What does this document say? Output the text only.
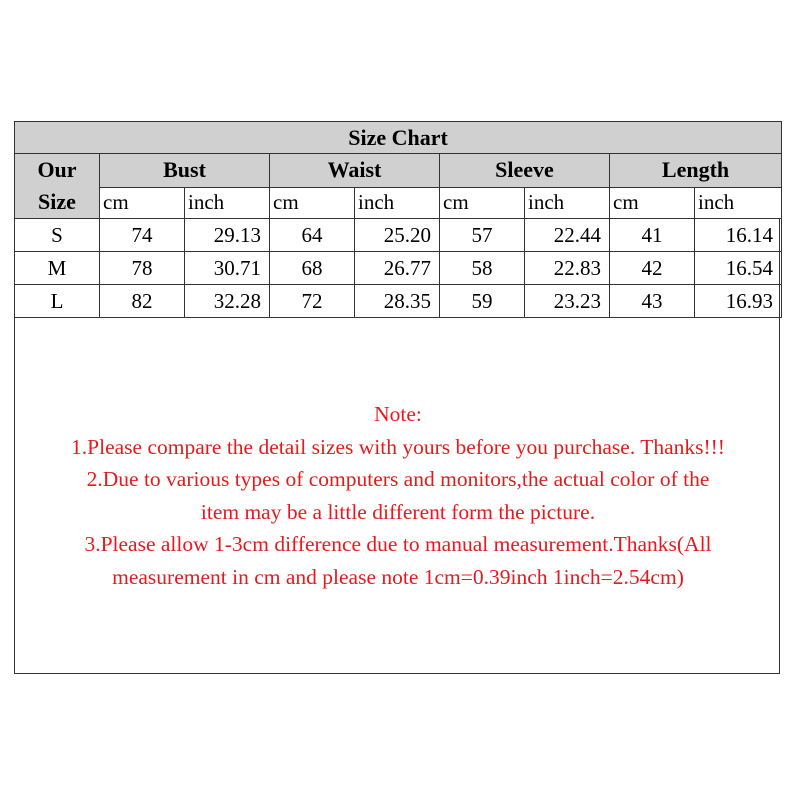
Size Chart								

Our
Size	Bust		Waist		Sleeve		Length	
	cm	inch	cm	inch	cm	inch	cm	inch
S	74	29.13	64	25.20	57	22.44	41	16.14
M	78	30.71	68	26.77	58	22.83	42	16.54
L	82	32.28	72	28.35	59	23.23	43	16.93
Note:
1.Please compare the detail sizes with yours before you purchase. Thanks!!!
2.Due to various types of computers and monitors,the actual color of the
item may be a little different form the picture.
3.Please allow 1-3cm difference due to manual measurement.Thanks(All
measurement in cm and please note 1cm=0.39inch 1inch=2.54cm)
